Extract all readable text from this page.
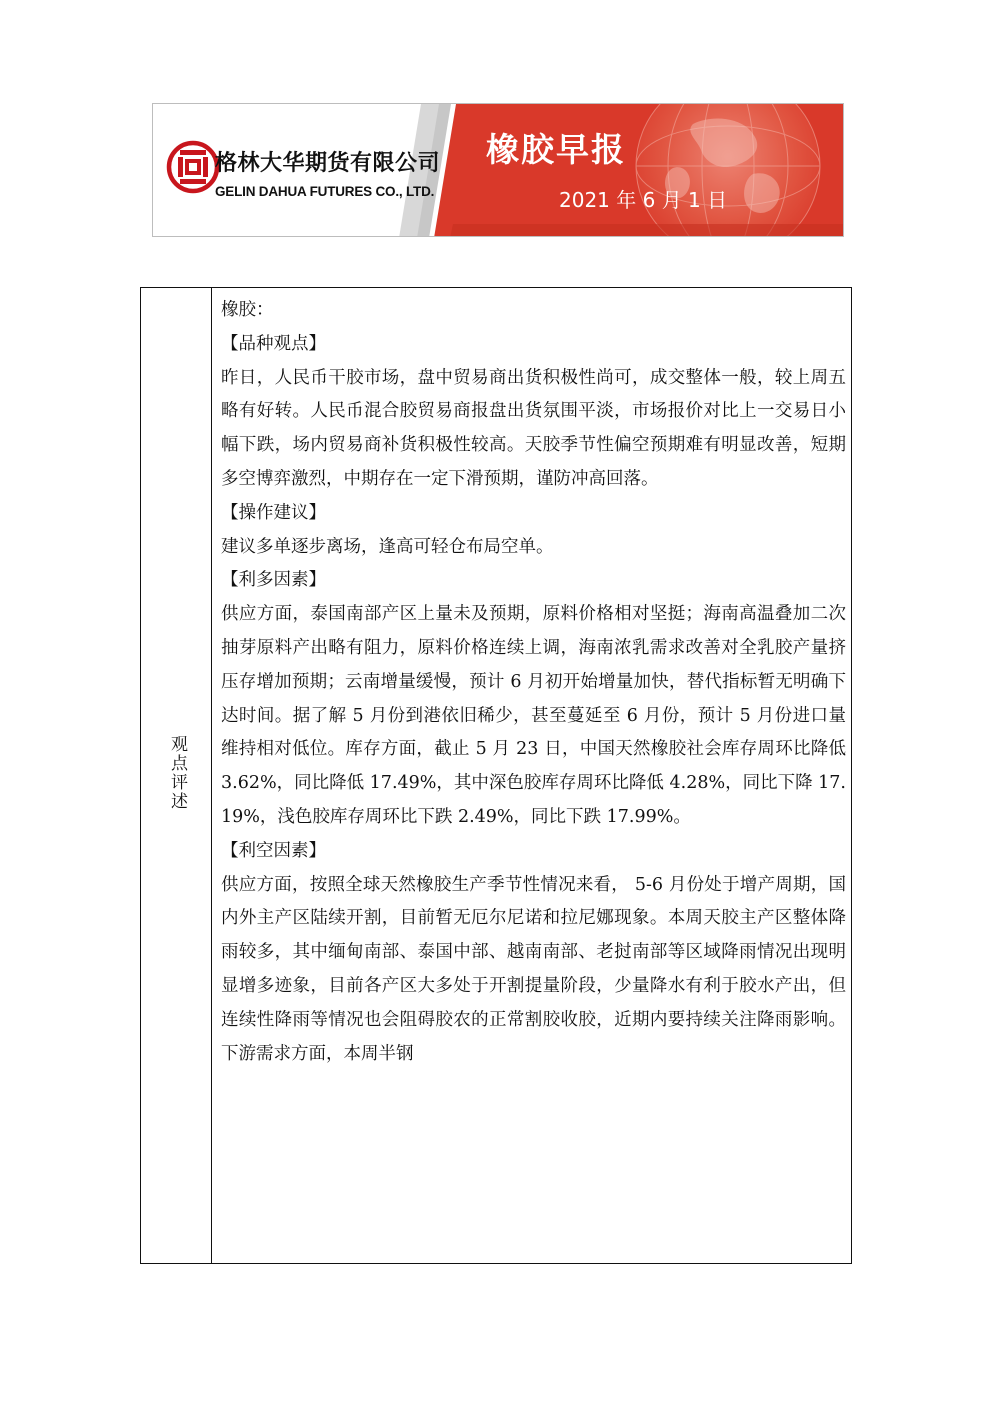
格林大华期货有限公司
GELIN DAHUA FUTURES CO., LTD.
橡胶早报
2021 年 6 月 1 日
观点评述

橡胶：

【品种观点】

昨日，人民币干胶市场，盘中贸易商出货积极性尚可，成交整体一般，较上周五略有好转。人民币混合胶贸易商报盘出货氛围平淡，市场报价对比上一交易日小幅下跌，场内贸易商补货积极性较高。天胶季节性偏空预期难有明显改善，短期多空博弈激烈，中期存在一定下滑预期，谨防冲高回落。

【操作建议】

建议多单逐步离场，逢高可轻仓布局空单。

【利多因素】

供应方面，泰国南部产区上量未及预期，原料价格相对坚挺；海南高温叠加二次抽芽原料产出略有阻力，原料价格连续上调，海南浓乳需求改善对全乳胶产量挤压存增加预期；云南增量缓慢，预计 6 月初开始增量加快，替代指标暂无明确下达时间。据了解 5 月份到港依旧稀少，甚至蔓延至 6 月份，预计 5 月份进口量维持相对低位。库存方面，截止 5 月 23 日，中国天然橡胶社会库存周环比降低 3.62%，同比降低 17.49%，其中深色胶库存周环比降低 4.28%，同比下降 17.19%，浅色胶库存周环比下跌 2.49%，同比下跌 17.99%。

【利空因素】

供应方面，按照全球天然橡胶生产季节性情况来看， 5-6 月份处于增产周期，国内外主产区陆续开割，目前暂无厄尔尼诺和拉尼娜现象。本周天胶主产区整体降雨较多，其中缅甸南部、泰国中部、越南南部、老挝南部等区域降雨情况出现明显增多迹象，目前各产区大多处于开割提量阶段，少量降水有利于胶水产出，但连续性降雨等情况也会阻碍胶农的正常割胶收胶，近期内要持续关注降雨影响。下游需求方面，本周半钢
